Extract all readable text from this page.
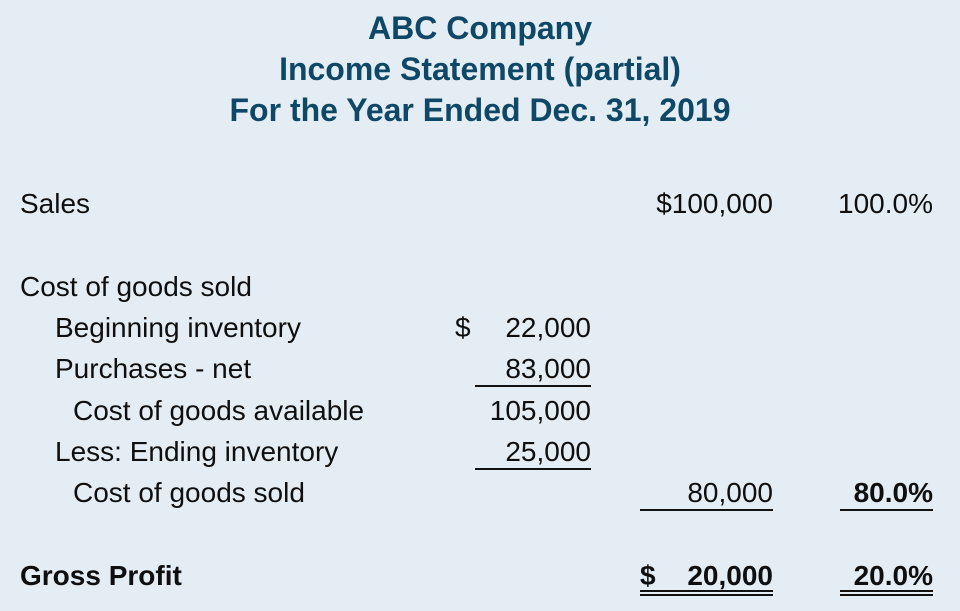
ABC Company
Income Statement (partial)
For the Year Ended Dec. 31, 2019
Sales	$100,000	100.0%
Cost of goods sold
Beginning inventory	$ 22,000
Purchases - net	83,000
Cost of goods available	105,000
Less: Ending inventory	25,000
Cost of goods sold	80,000	80.0%
Gross Profit	$ 20,000	20.0%
